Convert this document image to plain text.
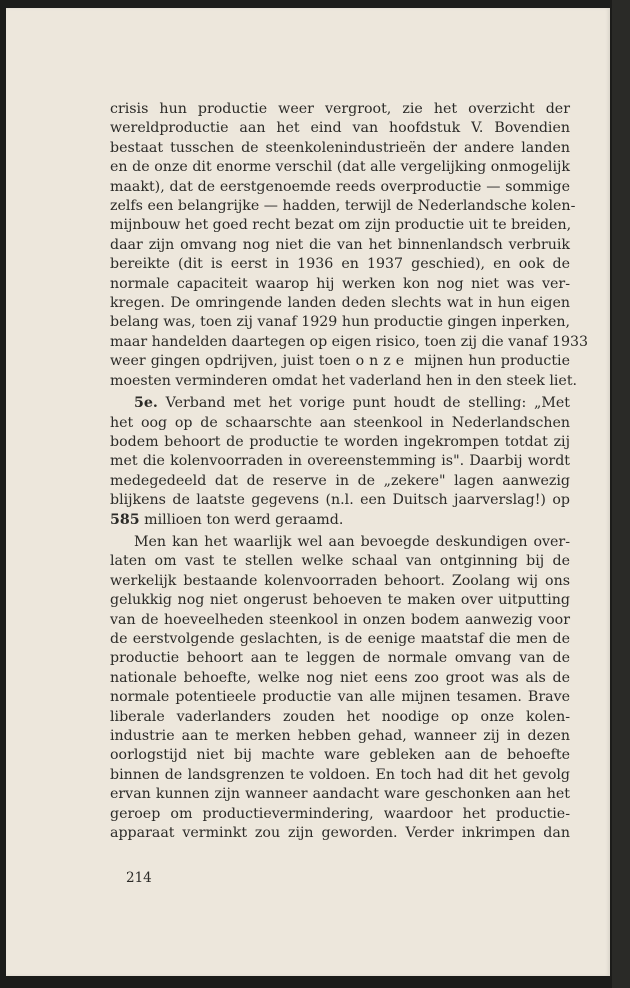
crisis hun productie weer vergroot, zie het overzicht der
wereldproductie aan het eind van hoofdstuk V. Bovendien
bestaat tusschen de steenkolenindustrieën der andere landen
en de onze dit enorme verschil (dat alle vergelijking onmogelijk
maakt), dat de eerstgenoemde reeds overproductie — sommige
zelfs een belangrijke — hadden, terwijl de Nederlandsche kolen-
mijnbouw het goed recht bezat om zijn productie uit te breiden,
daar zijn omvang nog niet die van het binnenlandsch verbruik
bereikte (dit is eerst in 1936 en 1937 geschied), en ook de
normale capaciteit waarop hij werken kon nog niet was ver-
kregen. De omringende landen deden slechts wat in hun eigen
belang was, toen zij vanaf 1929 hun productie gingen inperken,
maar handelden daartegen op eigen risico, toen zij die vanaf 1933
weer gingen opdrijven, juist toen onze mijnen hun productie
moesten verminderen omdat het vaderland hen in den steek liet.
5e. Verband met het vorige punt houdt de stelling: „Met
het oog op de schaarschte aan steenkool in Nederlandschen
bodem behoort de productie te worden ingekrompen totdat zij
met die kolenvoorraden in overeenstemming is". Daarbij wordt
medegedeeld dat de reserve in de „zekere" lagen aanwezig
blijkens de laatste gegevens (n.l. een Duitsch jaarverslag!) op
585 millioen ton werd geraamd.
Men kan het waarlijk wel aan bevoegde deskundigen over-
laten om vast te stellen welke schaal van ontginning bij de
werkelijk bestaande kolenvoorraden behoort. Zoolang wij ons
gelukkig nog niet ongerust behoeven te maken over uitputting
van de hoeveelheden steenkool in onzen bodem aanwezig voor
de eerstvolgende geslachten, is de eenige maatstaf die men de
productie behoort aan te leggen de normale omvang van de
nationale behoefte, welke nog niet eens zoo groot was als de
normale potentieele productie van alle mijnen tesamen. Brave
liberale vaderlanders zouden het noodige op onze kolen-
industrie aan te merken hebben gehad, wanneer zij in dezen
oorlogstijd niet bij machte ware gebleken aan de behoefte
binnen de landsgrenzen te voldoen. En toch had dit het gevolg
ervan kunnen zijn wanneer aandacht ware geschonken aan het
geroep om productievermindering, waardoor het productie-
apparaat verminkt zou zijn geworden. Verder inkrimpen dan
214
